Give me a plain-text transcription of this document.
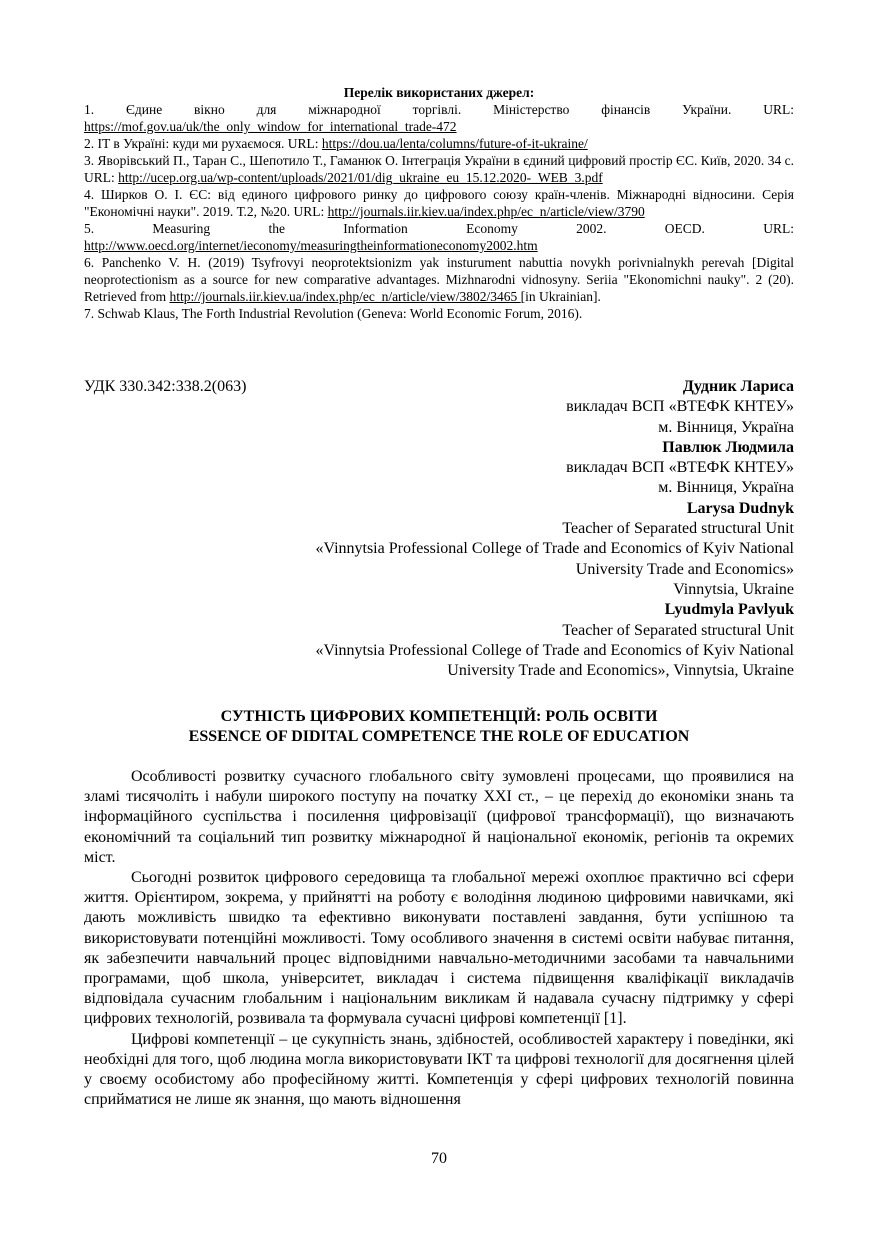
Перелік використаних джерел:
1. Єдине вікно для міжнародної торгівлі. Міністерство фінансів України. URL: https://mof.gov.ua/uk/the_only_window_for_international_trade-472
2. IT в Україні: куди ми рухаємося. URL: https://dou.ua/lenta/columns/future-of-it-ukraine/
3. Яворівський П., Таран С., Шепотило Т., Гаманюк О. Інтеграція України в єдиний цифровий простір ЄС. Київ, 2020. 34 с. URL: http://ucep.org.ua/wp-content/uploads/2021/01/dig_ukraine_eu_15.12.2020-_WEB_3.pdf
4. Ширков О. І. ЄС: від единого цифрового ринку до цифрового союзу країн-членів. Міжнародні відносини. Серія "Економічні науки". 2019. Т.2, №20. URL: http://journals.iir.kiev.ua/index.php/ec_n/article/view/3790
5. Measuring the Information Economy 2002. OECD. URL: http://www.oecd.org/internet/ieconomy/measuringtheinformationeconomy2002.htm
6. Panchenko V. H. (2019) Tsyfrovyi neoprotektsionizm yak insturument nabuttia novykh porivnialnykh perevah [Digital neoprotectionism as a source for new comparative advantages. Mizhnarodni vidnosyny. Seriia "Ekonomichni nauky". 2 (20). Retrieved from http://journals.iir.kiev.ua/index.php/ec_n/article/view/3802/3465 [in Ukrainian].
7. Schwab Klaus, The Forth Industrial Revolution (Geneva: World Economic Forum, 2016).
УДК 330.342:338.2(063)	Дудник Лариса
викладач ВСП «ВТЕФК КНТЕУ»
м. Вінниця, Україна
Павлюк Людмила
викладач ВСП «ВТЕФК КНТЕУ»
м. Вінниця, Україна
Larysa Dudnyk
Teacher of Separated structural Unit
«Vinnytsia Professional College of Trade and Economics of Kyiv National
University Trade and Economics»
Vinnytsia, Ukraine
Lyudmyla Pavlyuk
Teacher of Separated structural Unit
«Vinnytsia Professional College of Trade and Economics of Kyiv National
University Trade and Economics», Vinnytsia, Ukraine
СУТНІСТЬ ЦИФРОВИХ КОМПЕТЕНЦІЙ: РОЛЬ ОСВІТИ
ESSENCE OF DIDITAL COMPETENCE THE ROLE OF EDUCATION

Особливості розвитку сучасного глобального світу зумовлені процесами, що проявилися на зламі тисячоліть і набули широкого поступу на початку XXI ст., – це перехід до економіки знань та інформаційного суспільства і посилення цифровізації (цифрової трансформації), що визначають економічний та соціальний тип розвитку міжнародної й національної економік, регіонів та окремих міст.

Сьогодні розвиток цифрового середовища та глобальної мережі охоплює практично всі сфери життя. Орієнтиром, зокрема, у прийнятті на роботу є володіння людиною цифровими навичками, які дають можливість швидко та ефективно виконувати поставлені завдання, бути успішною та використовувати потенційні можливості. Тому особливого значення в системі освіти набуває питання, як забезпечити навчальний процес відповідними навчально-методичними засобами та навчальними програмами, щоб школа, університет, викладач і система підвищення кваліфікації викладачів відповідала сучасним глобальним і національним викликам й надавала сучасну підтримку у сфері цифрових технологій, розвивала та формувала сучасні цифрові компетенції [1].

Цифрові компетенції – це сукупність знань, здібностей, особливостей характеру і поведінки, які необхідні для того, щоб людина могла використовувати ІКТ та цифрові технології для досягнення цілей у своєму особистому або професійному житті. Компетенція у сфері цифрових технологій повинна сприйматися не лише як знання, що мають відношення

70
